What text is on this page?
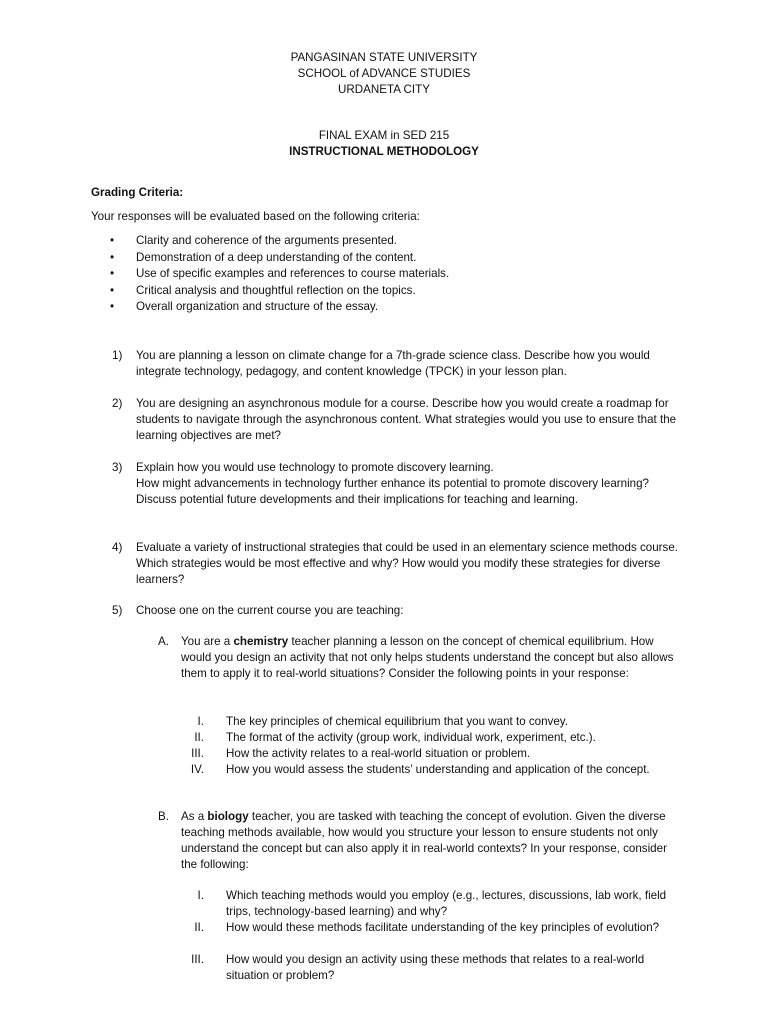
PANGASINAN STATE UNIVERSITY
SCHOOL of ADVANCE STUDIES
URDANETA CITY
FINAL EXAM in SED 215
INSTRUCTIONAL METHODOLOGY
Grading Criteria:
Your responses will be evaluated based on the following criteria:
• Clarity and coherence of the arguments presented.
• Demonstration of a deep understanding of the content.
• Use of specific examples and references to course materials.
• Critical analysis and thoughtful reflection on the topics.
• Overall organization and structure of the essay.
1) You are planning a lesson on climate change for a 7th-grade science class. Describe how you would integrate technology, pedagogy, and content knowledge (TPCK) in your lesson plan.
2) You are designing an asynchronous module for a course. Describe how you would create a roadmap for students to navigate through the asynchronous content. What strategies would you use to ensure that the learning objectives are met?
3) Explain how you would use technology to promote discovery learning.
How might advancements in technology further enhance its potential to promote discovery learning?
Discuss potential future developments and their implications for teaching and learning.
4) Evaluate a variety of instructional strategies that could be used in an elementary science methods course. Which strategies would be most effective and why? How would you modify these strategies for diverse learners?
5) Choose one on the current course you are teaching:
A. You are a chemistry teacher planning a lesson on the concept of chemical equilibrium. How would you design an activity that not only helps students understand the concept but also allows them to apply it to real-world situations? Consider the following points in your response:
I. The key principles of chemical equilibrium that you want to convey.
II. The format of the activity (group work, individual work, experiment, etc.).
III. How the activity relates to a real-world situation or problem.
IV. How you would assess the students’ understanding and application of the concept.
B. As a biology teacher, you are tasked with teaching the concept of evolution. Given the diverse teaching methods available, how would you structure your lesson to ensure students not only understand the concept but can also apply it in real-world contexts? In your response, consider the following:
I. Which teaching methods would you employ (e.g., lectures, discussions, lab work, field trips, technology-based learning) and why?
II. How would these methods facilitate understanding of the key principles of evolution?
III. How would you design an activity using these methods that relates to a real-world situation or problem?
